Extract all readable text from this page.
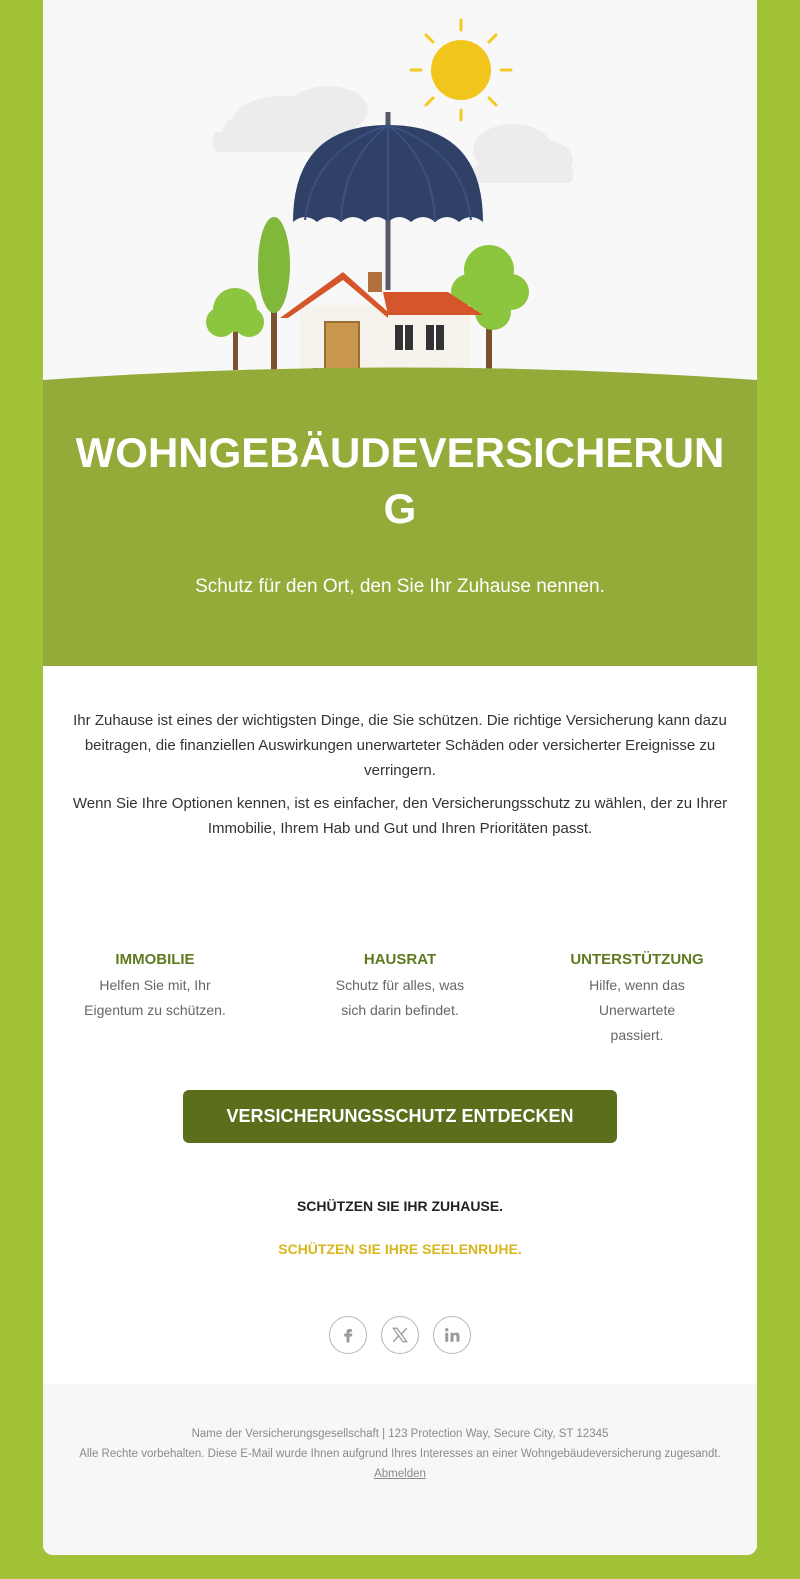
WOHNGEBÄUDEVERSICHERUNG
Schutz für den Ort, den Sie Ihr Zuhause nennen.

Ihr Zuhause ist eines der wichtigsten Dinge, die Sie schützen. Die richtige Versicherung kann dazu beitragen, die finanziellen Auswirkungen unerwarteter Schäden oder versicherter Ereignisse zu verringern.

Wenn Sie Ihre Optionen kennen, ist es einfacher, den Versicherungsschutz zu wählen, der zu Ihrer Immobilie, Ihrem Hab und Gut und Ihren Prioritäten passt.

IMMOBILIE
Helfen Sie mit, Ihr Eigentum zu schützen.
HAUSRAT
Schutz für alles, was sich darin befindet.
UNTERSTÜTZUNG
Hilfe, wenn das Unerwartete passiert.
VERSICHERUNGSSCHUTZ ENTDECKEN
SCHÜTZEN SIE IHR ZUHAUSE.
SCHÜTZEN SIE IHRE SEELENRUHE.
Name der Versicherungsgesellschaft | 123 Protection Way, Secure City, ST 12345
Alle Rechte vorbehalten. Diese E-Mail wurde Ihnen aufgrund Ihres Interesses an einer Wohngebäudeversicherung zugesandt.
Abmelden
